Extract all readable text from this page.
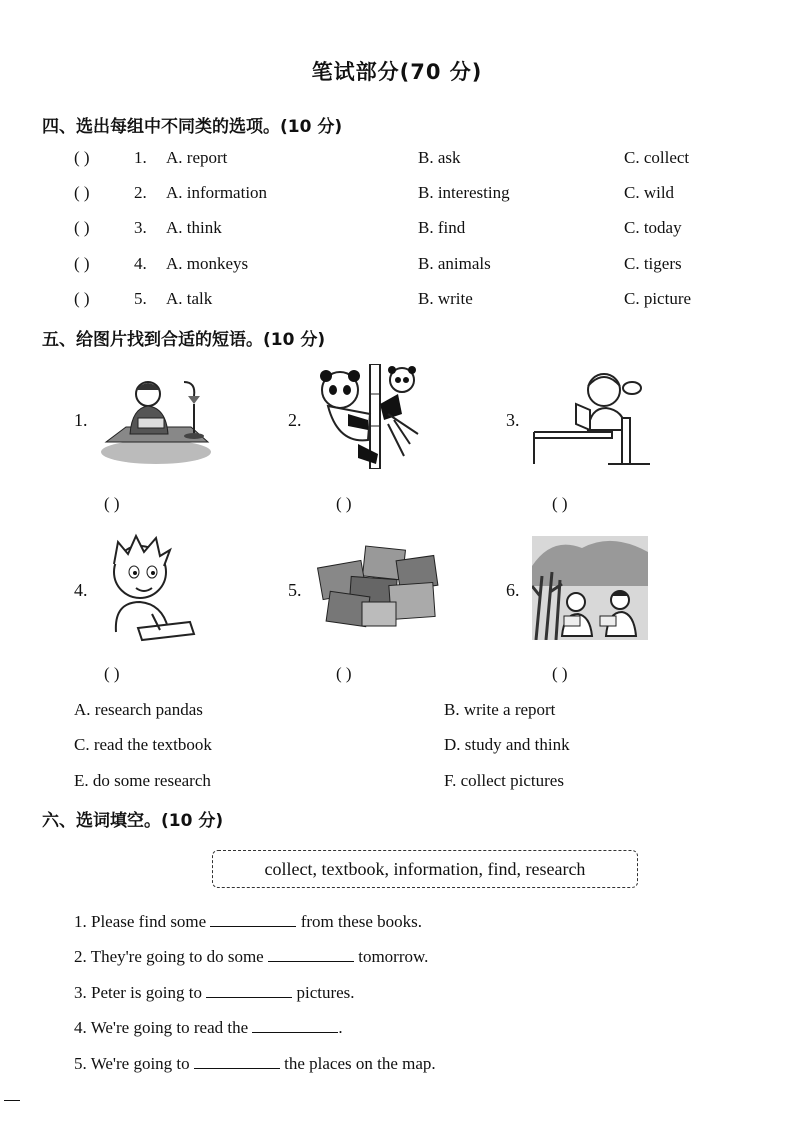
笔试部分(70 分)
四、选出每组中不同类的选项。(10 分)
( )	1. A. report	B. ask	C. collect
( )	2. A. information	B. interesting	C. wild
( )	3. A. think	B. find	C. today
( )	4. A. monkeys	B. animals	C. tigers
( )	5. A. talk	B. write	C. picture
五、给图片找到合适的短语。(10 分)
1.
( )
2.
( )
3.
( )
4.
( )
5.
( )
6.
( )
A. research pandas	B. write a report
C. read the textbook	D. study and think
E. do some research	F. collect pictures
六、选词填空。(10 分)
collect, textbook, information, find, research
1. Please find some	from these books.
2. They're going to do some	tomorrow.
3. Peter is going to	pictures.
4. We're going to read the	.
5. We're going to	the places on the map.
